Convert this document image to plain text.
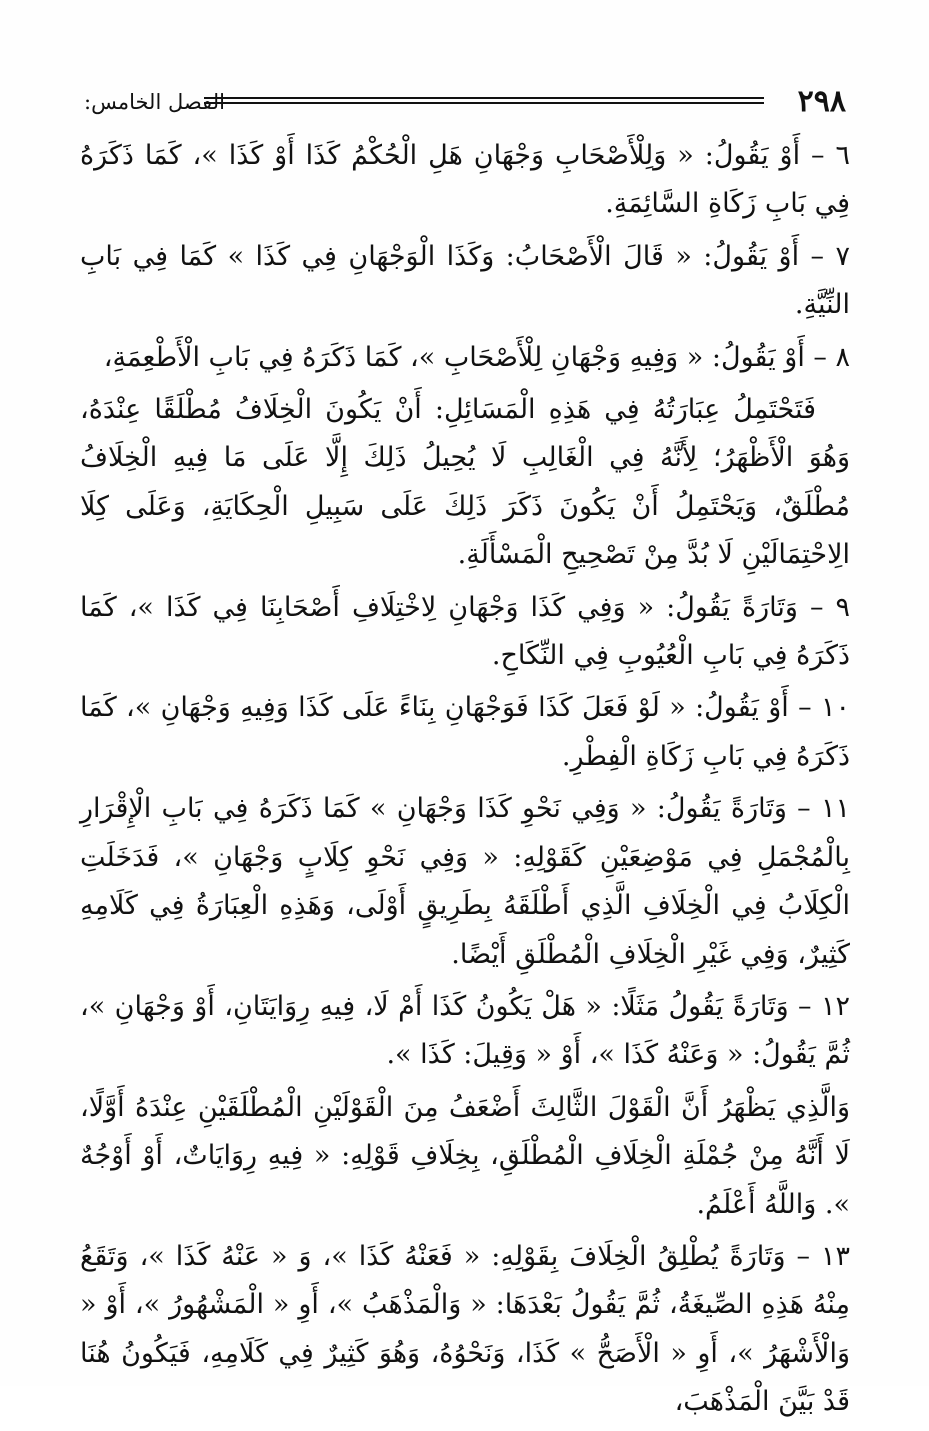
٢٩٨
الفصل الخامس:

٦ – أَوْ يَقُولُ: « وَلِلْأَصْحَابِ وَجْهَانِ هَلِ الْحُكْمُ كَذَا أَوْ كَذَا »، كَمَا ذَكَرَهُ فِي بَابِ زَكَاةِ السَّائِمَةِ.

٧ – أَوْ يَقُولُ: « قَالَ الْأَصْحَابُ: وَكَذَا الْوَجْهَانِ فِي كَذَا » كَمَا فِي بَابِ النِّيَّةِ.

٨ – أَوْ يَقُولُ: « وَفِيهِ وَجْهَانِ لِلْأَصْحَابِ »، كَمَا ذَكَرَهُ فِي بَابِ الْأَطْعِمَةِ،

فَتَحْتَمِلُ عِبَارَتُهُ فِي هَذِهِ الْمَسَائِلِ: أَنْ يَكُونَ الْخِلَافُ مُطْلَقًا عِنْدَهُ، وَهُوَ الْأَظْهَرُ؛ لِأَنَّهُ فِي الْغَالِبِ لَا يُحِيلُ ذَلِكَ إِلَّا عَلَى مَا فِيهِ الْخِلَافُ مُطْلَقٌ، وَيَحْتَمِلُ أَنْ يَكُونَ ذَكَرَ ذَلِكَ عَلَى سَبِيلِ الْحِكَايَةِ، وَعَلَى كِلَا الِاحْتِمَالَيْنِ لَا بُدَّ مِنْ تَصْحِيحِ الْمَسْأَلَةِ.

٩ – وَتَارَةً يَقُولُ: « وَفِي كَذَا وَجْهَانِ لِاخْتِلَافِ أَصْحَابِنَا فِي كَذَا »، كَمَا ذَكَرَهُ فِي بَابِ الْعُيُوبِ فِي النِّكَاحِ.

١٠ – أَوْ يَقُولُ: « لَوْ فَعَلَ كَذَا فَوَجْهَانِ بِنَاءً عَلَى كَذَا وَفِيهِ وَجْهَانِ »، كَمَا ذَكَرَهُ فِي بَابِ زَكَاةِ الْفِطْرِ.

١١ – وَتَارَةً يَقُولُ: « وَفِي نَحْوِ كَذَا وَجْهَانِ » كَمَا ذَكَرَهُ فِي بَابِ الْإِقْرَارِ بِالْمُجْمَلِ فِي مَوْضِعَيْنِ كَقَوْلِهِ: « وَفِي نَحْوِ كِلَابٍ وَجْهَانِ »، فَدَخَلَتِ الْكِلَابُ فِي الْخِلَافِ الَّذِي أَطْلَقَهُ بِطَرِيقٍ أَوْلَى، وَهَذِهِ الْعِبَارَةُ فِي كَلَامِهِ كَثِيرٌ، وَفِي غَيْرِ الْخِلَافِ الْمُطْلَقِ أَيْضًا.

١٢ – وَتَارَةً يَقُولُ مَثَلًا: « هَلْ يَكُونُ كَذَا أَمْ لَا، فِيهِ رِوَايَتَانِ، أَوْ وَجْهَانِ »، ثُمَّ يَقُولُ: « وَعَنْهُ كَذَا »، أَوْ « وَقِيلَ: كَذَا ».

وَالَّذِي يَظْهَرُ أَنَّ الْقَوْلَ الثَّالِثَ أَضْعَفُ مِنَ الْقَوْلَيْنِ الْمُطْلَقَيْنِ عِنْدَهُ أَوَّلًا، لَا أَنَّهُ مِنْ جُمْلَةِ الْخِلَافِ الْمُطْلَقِ، بِخِلَافِ قَوْلِهِ: « فِيهِ رِوَايَاتٌ، أَوْ أَوْجُهٌ ». وَاللَّهُ أَعْلَمُ.

١٣ – وَتَارَةً يُطْلِقُ الْخِلَافَ بِقَوْلِهِ: « فَعَنْهُ كَذَا »، وَ « عَنْهُ كَذَا »، وَتَقَعُ مِنْهُ هَذِهِ الصِّيغَةُ، ثُمَّ يَقُولُ بَعْدَهَا: « وَالْمَذْهَبُ »، أَوِ « الْمَشْهُورُ »، أَوْ « وَالْأَشْهَرُ »، أَوِ « الْأَصَحُّ » كَذَا، وَنَحْوُهُ، وَهُوَ كَثِيرٌ فِي كَلَامِهِ، فَيَكُونُ هُنَا قَدْ بَيَّنَ الْمَذْهَبَ،
